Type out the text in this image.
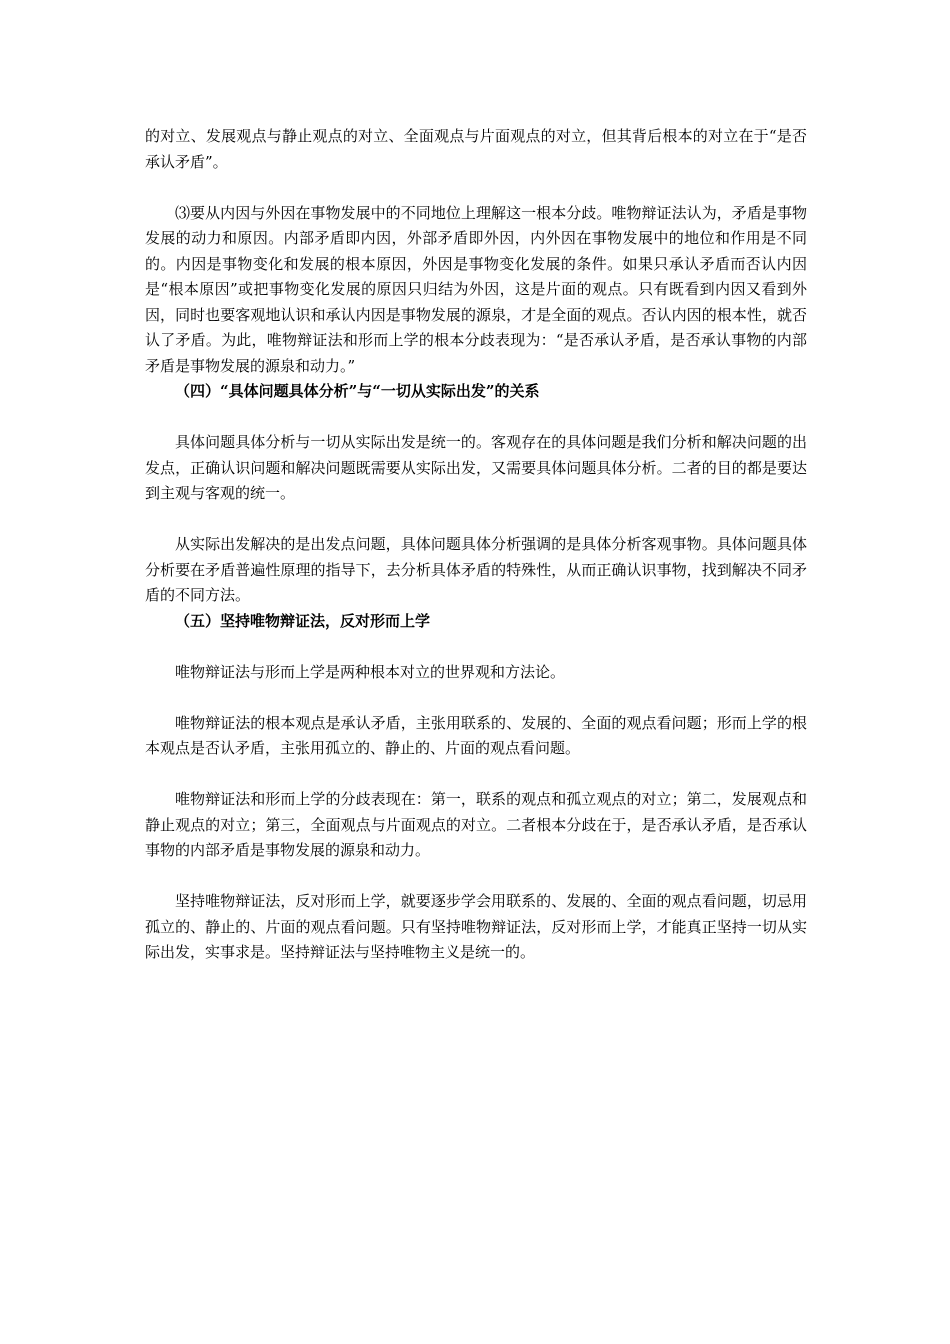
的对立、发展观点与静止观点的对立、全面观点与片面观点的对立，但其背后根本的对立在于“是否承认矛盾”。

⑶要从内因与外因在事物发展中的不同地位上理解这一根本分歧。唯物辩证法认为，矛盾是事物发展的动力和原因。内部矛盾即内因，外部矛盾即外因，内外因在事物发展中的地位和作用是不同的。内因是事物变化和发展的根本原因，外因是事物变化发展的条件。如果只承认矛盾而否认内因是“根本原因”或把事物变化发展的原因只归结为外因，这是片面的观点。只有既看到内因又看到外因，同时也要客观地认识和承认内因是事物发展的源泉，才是全面的观点。否认内因的根本性，就否认了矛盾。为此，唯物辩证法和形而上学的根本分歧表现为：“是否承认矛盾，是否承认事物的内部矛盾是事物发展的源泉和动力。”

（四）“具体问题具体分析”与“一切从实际出发”的关系

具体问题具体分析与一切从实际出发是统一的。客观存在的具体问题是我们分析和解决问题的出发点，正确认识问题和解决问题既需要从实际出发，又需要具体问题具体分析。二者的目的都是要达到主观与客观的统一。

从实际出发解决的是出发点问题，具体问题具体分析强调的是具体分析客观事物。具体问题具体分析要在矛盾普遍性原理的指导下，去分析具体矛盾的特殊性，从而正确认识事物，找到解决不同矛盾的不同方法。

（五）坚持唯物辩证法，反对形而上学

唯物辩证法与形而上学是两种根本对立的世界观和方法论。

唯物辩证法的根本观点是承认矛盾，主张用联系的、发展的、全面的观点看问题；形而上学的根本观点是否认矛盾，主张用孤立的、静止的、片面的观点看问题。

唯物辩证法和形而上学的分歧表现在：第一，联系的观点和孤立观点的对立；第二，发展观点和静止观点的对立；第三，全面观点与片面观点的对立。二者根本分歧在于，是否承认矛盾，是否承认事物的内部矛盾是事物发展的源泉和动力。

坚持唯物辩证法，反对形而上学，就要逐步学会用联系的、发展的、全面的观点看问题，切忌用孤立的、静止的、片面的观点看问题。只有坚持唯物辩证法，反对形而上学，才能真正坚持一切从实际出发，实事求是。坚持辩证法与坚持唯物主义是统一的。
